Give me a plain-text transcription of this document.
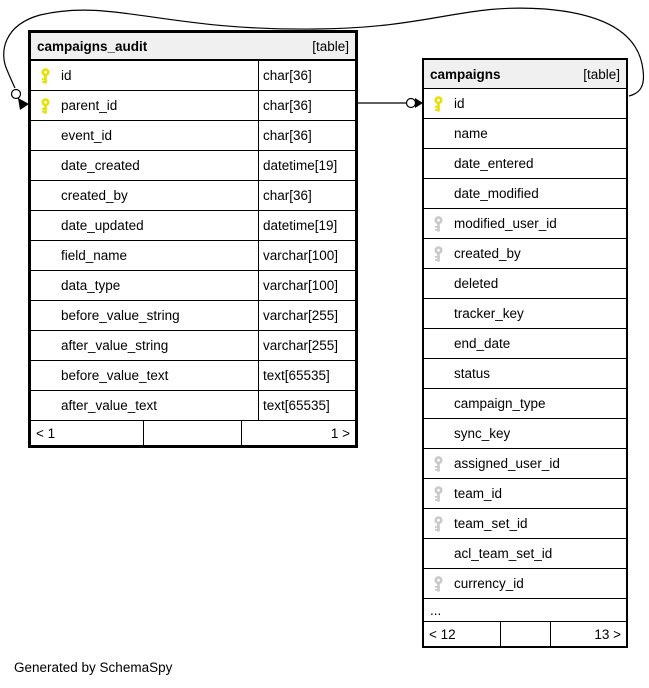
campaigns_audit	[table]
id	char[36]
parent_id	char[36]
event_id	char[36]
date_created	datetime[19]
created_by	char[36]
date_updated	datetime[19]
field_name	varchar[100]
data_type	varchar[100]
before_value_string	varchar[255]
after_value_string	varchar[255]
before_value_text	text[65535]
after_value_text	text[65535]
< 1	1 >
campaigns	[table]
id
name
date_entered
date_modified
modified_user_id
created_by
deleted
tracker_key
end_date
status
campaign_type
sync_key
assigned_user_id
team_id
team_set_id
acl_team_set_id
currency_id
...
< 12	13 >
Generated by SchemaSpy
